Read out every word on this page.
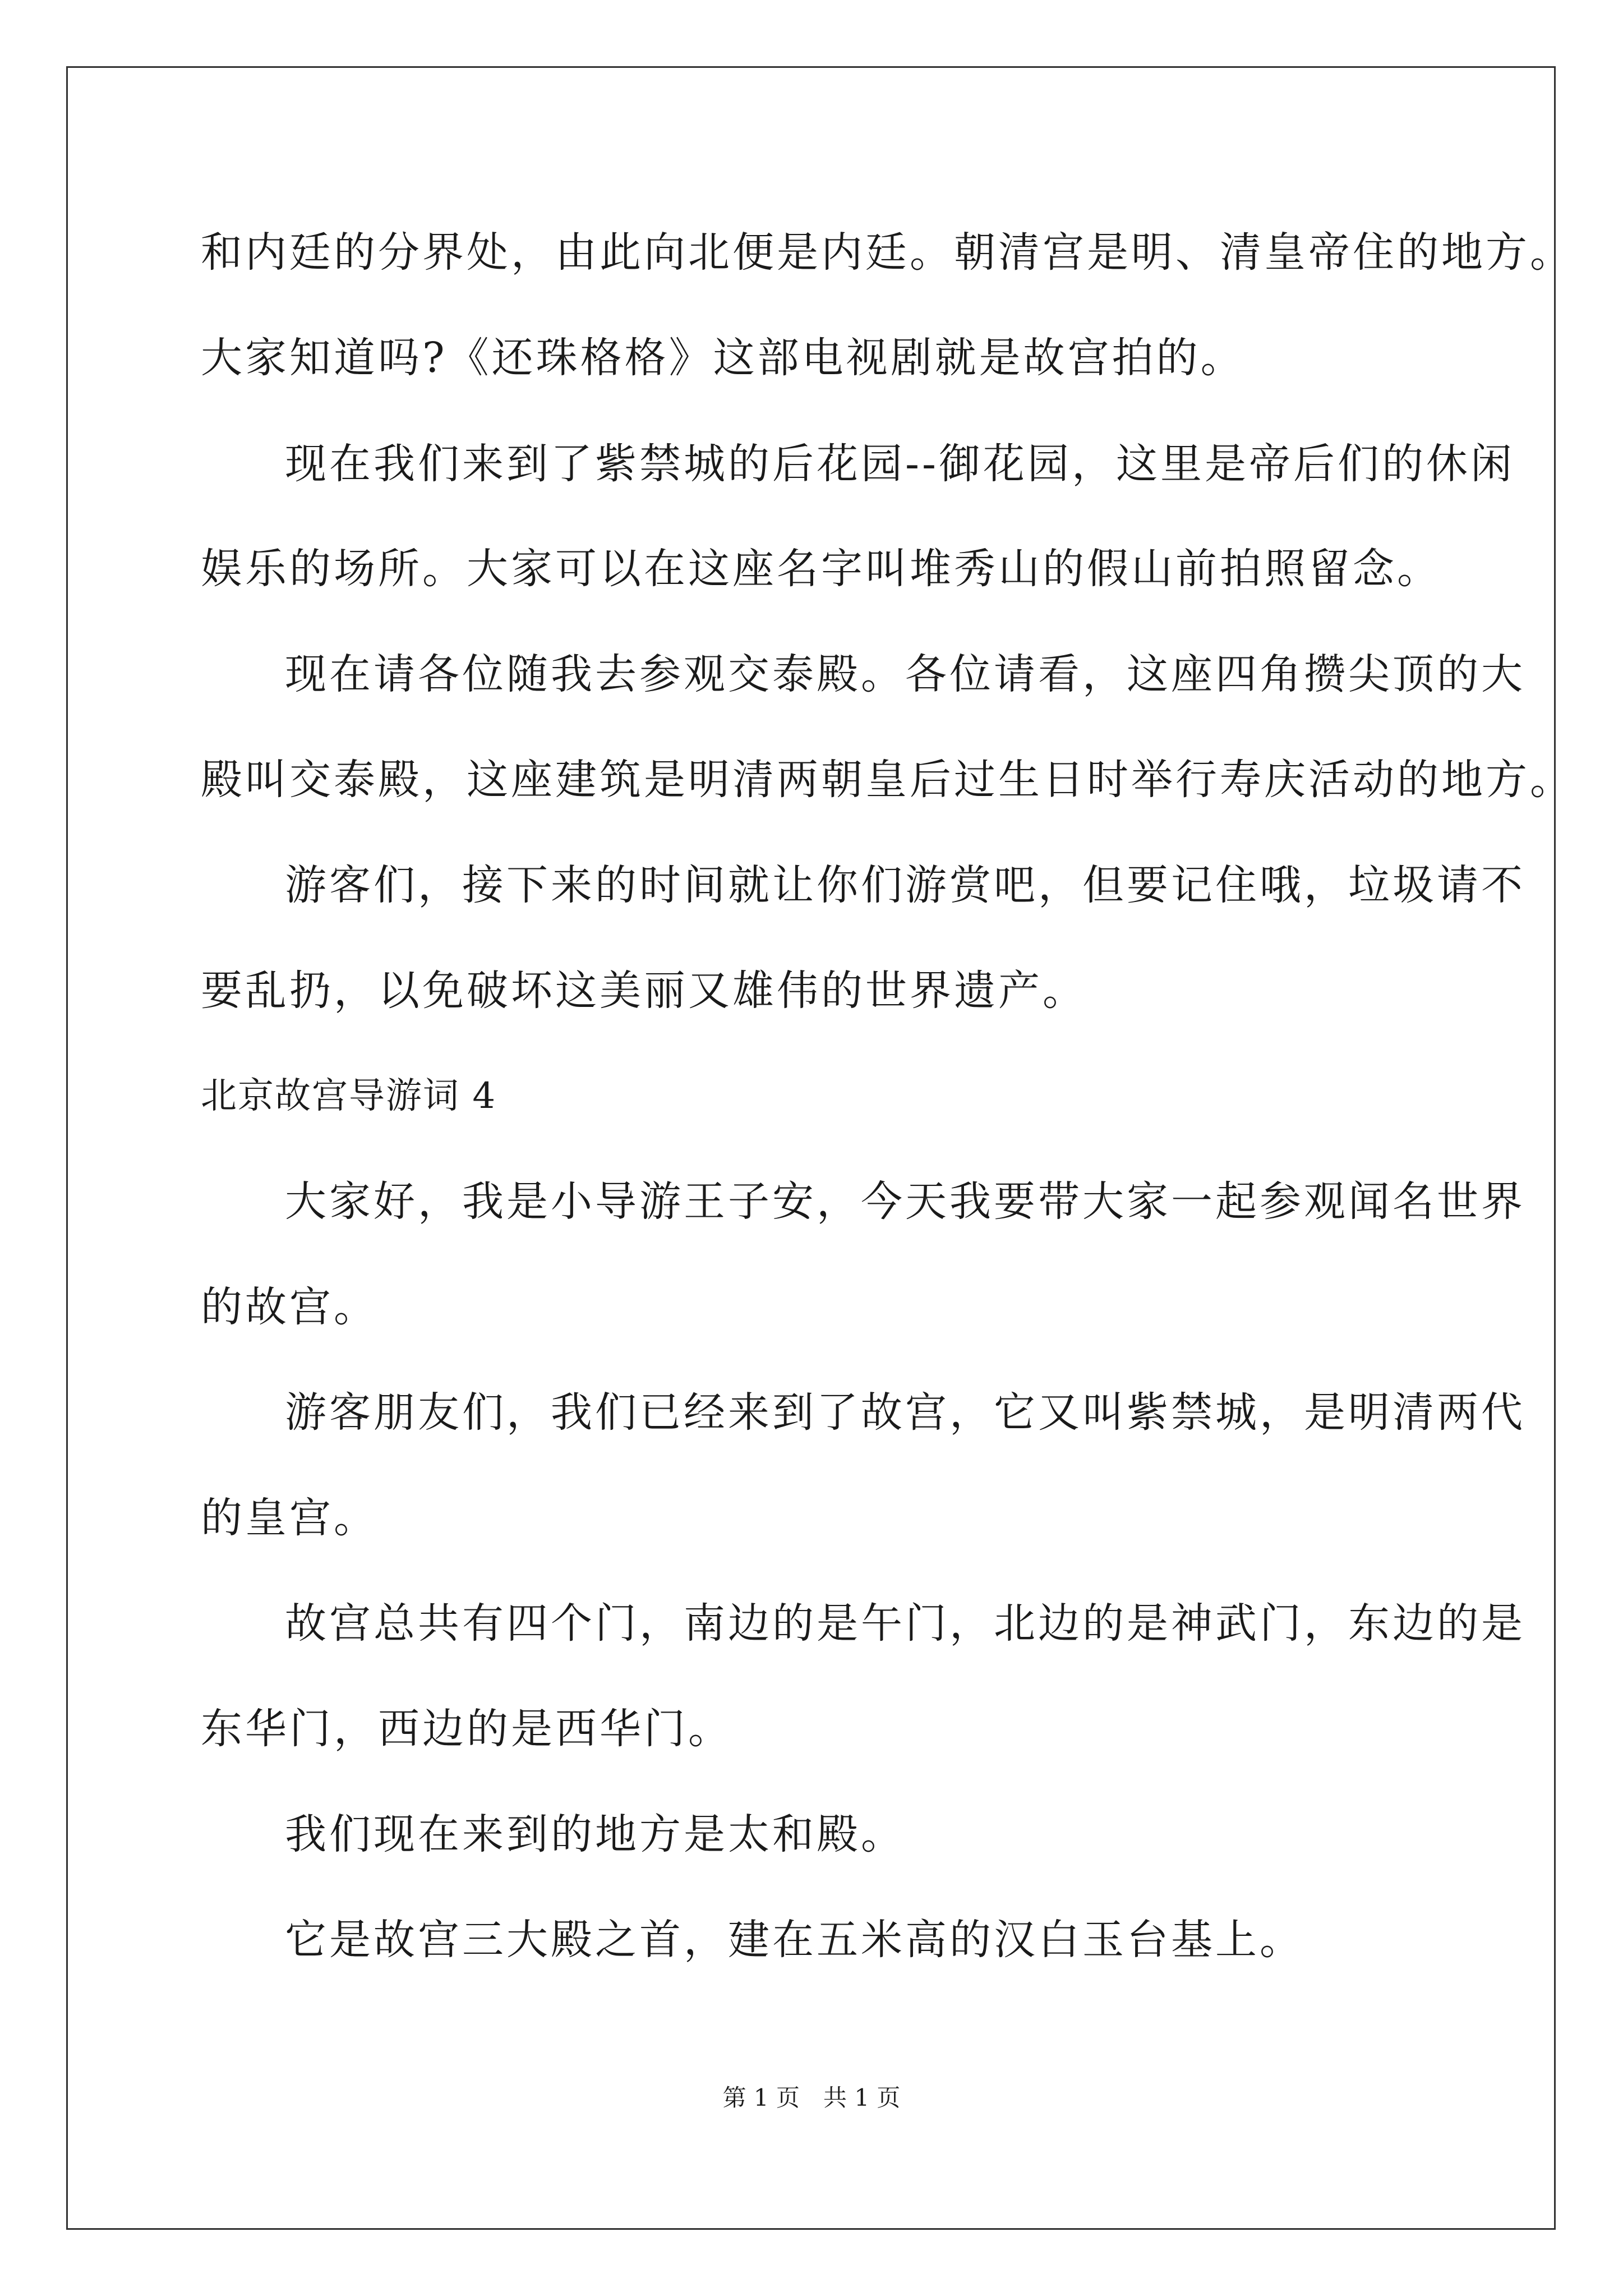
和内廷的分界处，由此向北便是内廷。朝清宫是明、清皇帝住的地方。
大家知道吗?《还珠格格》这部电视剧就是故宫拍的。
现在我们来到了紫禁城的后花园--御花园，这里是帝后们的休闲
娱乐的场所。大家可以在这座名字叫堆秀山的假山前拍照留念。
现在请各位随我去参观交泰殿。各位请看，这座四角攒尖顶的大
殿叫交泰殿，这座建筑是明清两朝皇后过生日时举行寿庆活动的地方。
游客们，接下来的时间就让你们游赏吧，但要记住哦，垃圾请不
要乱扔，以免破坏这美丽又雄伟的世界遗产。
北京故宫导游词 4
大家好，我是小导游王子安，今天我要带大家一起参观闻名世界
的故宫。
游客朋友们，我们已经来到了故宫，它又叫紫禁城，是明清两代
的皇宫。
故宫总共有四个门，南边的是午门，北边的是神武门，东边的是
东华门，西边的是西华门。
我们现在来到的地方是太和殿。
它是故宫三大殿之首，建在五米高的汉白玉台基上。
第 1 页　共 1 页
